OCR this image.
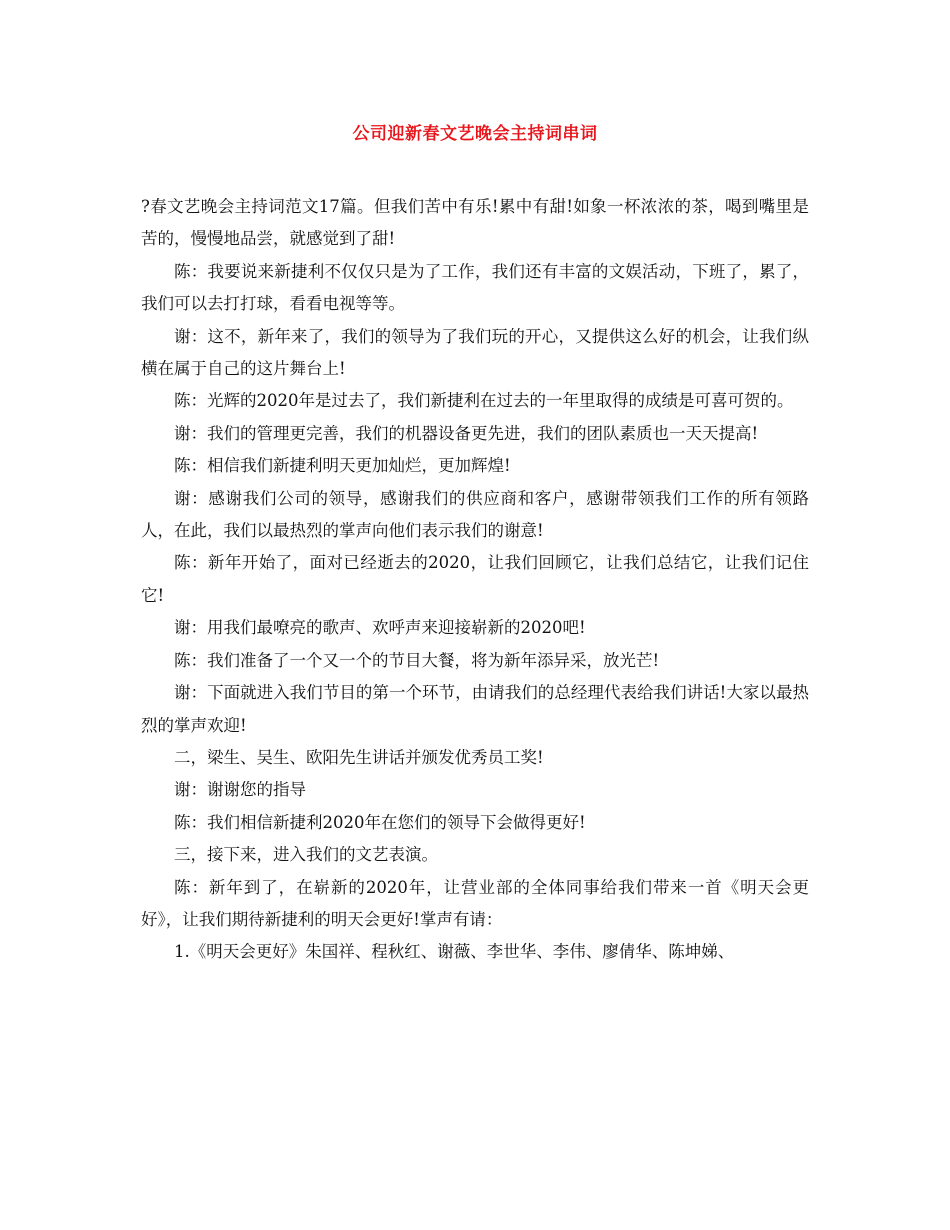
公司迎新春文艺晚会主持词串词

?春文艺晚会主持词范文17篇。但我们苦中有乐!累中有甜!如象一杯浓浓的茶，喝到嘴里是苦的，慢慢地品尝，就感觉到了甜!

陈：我要说来新捷利不仅仅只是为了工作，我们还有丰富的文娱活动，下班了，累了，我们可以去打打球，看看电视等等。

谢：这不，新年来了，我们的领导为了我们玩的开心，又提供这么好的机会，让我们纵横在属于自己的这片舞台上!

陈：光辉的2020年是过去了，我们新捷利在过去的一年里取得的成绩是可喜可贺的。

谢：我们的管理更完善，我们的机器设备更先进，我们的团队素质也一天天提高!

陈：相信我们新捷利明天更加灿烂，更加辉煌!

谢：感谢我们公司的领导，感谢我们的供应商和客户，感谢带领我们工作的所有领路人，在此，我们以最热烈的掌声向他们表示我们的谢意!

陈：新年开始了，面对已经逝去的2020，让我们回顾它，让我们总结它，让我们记住它!

谢：用我们最嘹亮的歌声、欢呼声来迎接崭新的2020吧!

陈：我们准备了一个又一个的节目大餐，将为新年添异采，放光芒!

谢：下面就进入我们节目的第一个环节，由请我们的总经理代表给我们讲话!大家以最热烈的掌声欢迎!

二，梁生、吴生、欧阳先生讲话并颁发优秀员工奖!

谢：谢谢您的指导

陈：我们相信新捷利2020年在您们的领导下会做得更好!

三，接下来，进入我们的文艺表演。

陈：新年到了，在崭新的2020年，让营业部的全体同事给我们带来一首《明天会更好》，让我们期待新捷利的明天会更好!掌声有请：

1.《明天会更好》朱国祥、程秋红、谢薇、李世华、李伟、廖倩华、陈坤娣、
